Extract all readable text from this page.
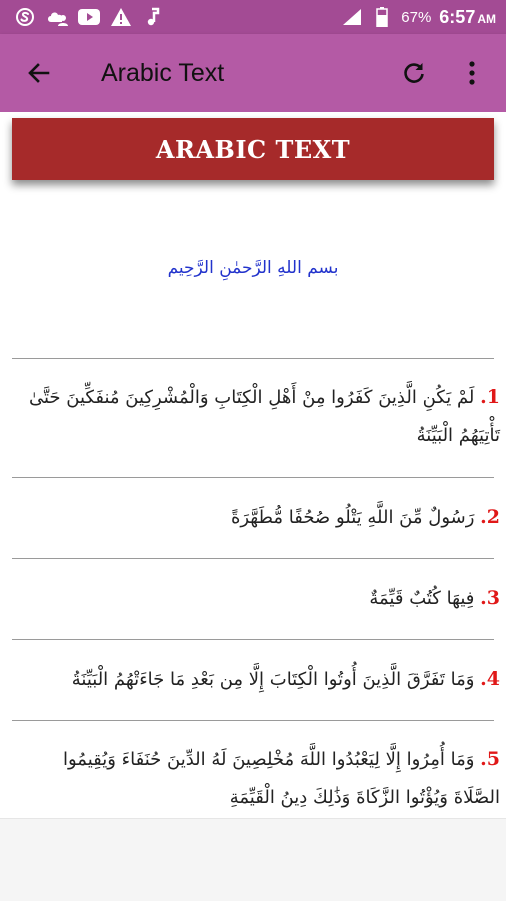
67% 6:57 AM
Arabic Text
ARABIC TEXT
بسم اللهِ الرَّحمٰنِ الرَّحِيم
1. لَمْ يَكُنِ الَّذِينَ كَفَرُوا مِنْ أَهْلِ الْكِتَابِ وَالْمُشْرِكِينَ مُنفَكِّينَ حَتَّىٰ تَأْتِيَهُمُ الْبَيِّنَةُ
2. رَسُولٌ مِّنَ اللَّهِ يَتْلُو صُحُفًا مُّطَهَّرَةً
3. فِيهَا كُتُبٌ قَيِّمَةٌ
4. وَمَا تَفَرَّقَ الَّذِينَ أُوتُوا الْكِتَابَ إِلَّا مِن بَعْدِ مَا جَاءَتْهُمُ الْبَيِّنَةُ
5. وَمَا أُمِرُوا إِلَّا لِيَعْبُدُوا اللَّهَ مُخْلِصِينَ لَهُ الدِّينَ حُنَفَاءَ وَيُقِيمُوا الصَّلَاةَ وَيُؤْتُوا الزَّكَاةَ وَذَٰلِكَ دِينُ الْقَيِّمَةِ
